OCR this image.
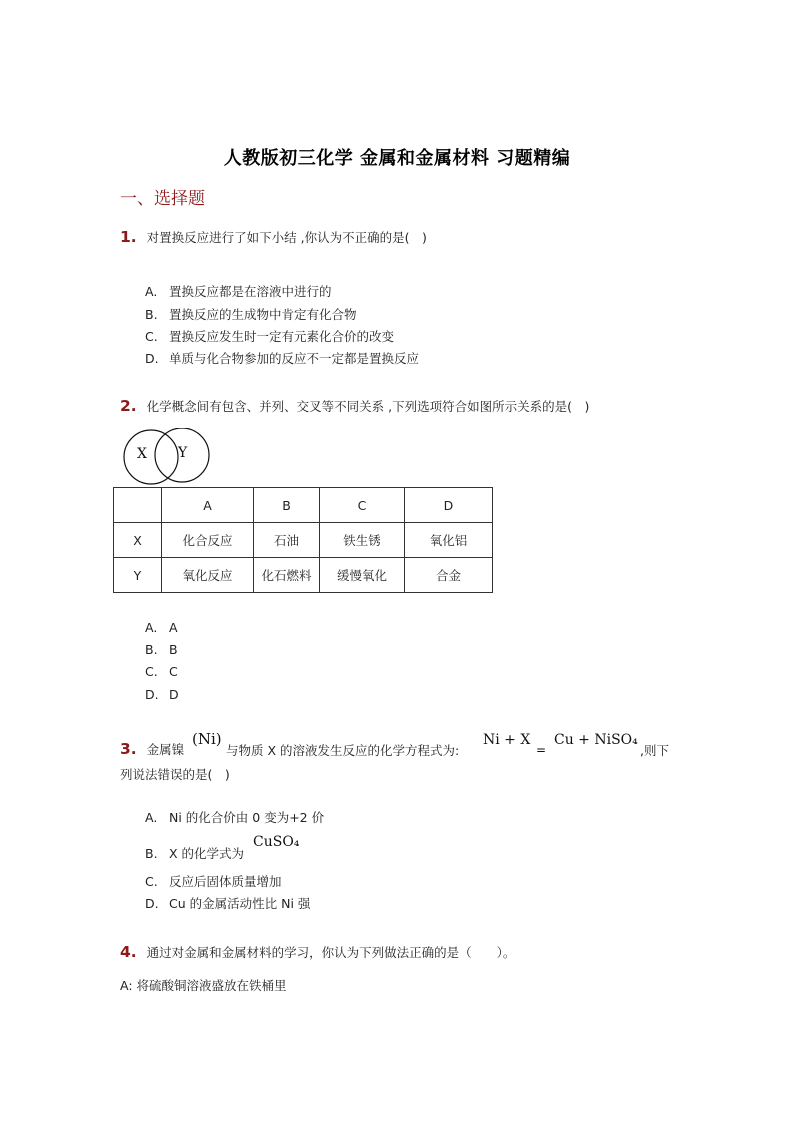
人教版初三化学 金属和金属材料 习题精编
一、选择题
1. 对置换反应进行了如下小结 ,你认为不正确的是(　)
A. 置换反应都是在溶液中进行的
B. 置换反应的生成物中肯定有化合物
C. 置换反应发生时一定有元素化合价的改变
D. 单质与化合物参加的反应不一定都是置换反应
2. 化学概念间有包含、并列、交叉等不同关系 ,下列选项符合如图所示关系的是(　)
X Y
	A	B	C	D
X	化合反应	石油	铁生锈	氧化铝
Y	氧化反应	化石燃料	缓慢氧化	合金
A. A
B. B
C. C
D. D
3. 金属镍
(Ni)
与物质 X 的溶液发生反应的化学方程式为:
Ni + X
=
Cu + NiSO₄
,则下
列说法错误的是(　)
A. Ni 的化合价由 0 变为+2 价
B. X 的化学式为
CuSO₄
C. 反应后固体质量增加
D. Cu 的金属活动性比 Ni 强
4. 通过对金属和金属材料的学习，你认为下列做法正确的是（　　）。
A: 将硫酸铜溶液盛放在铁桶里
